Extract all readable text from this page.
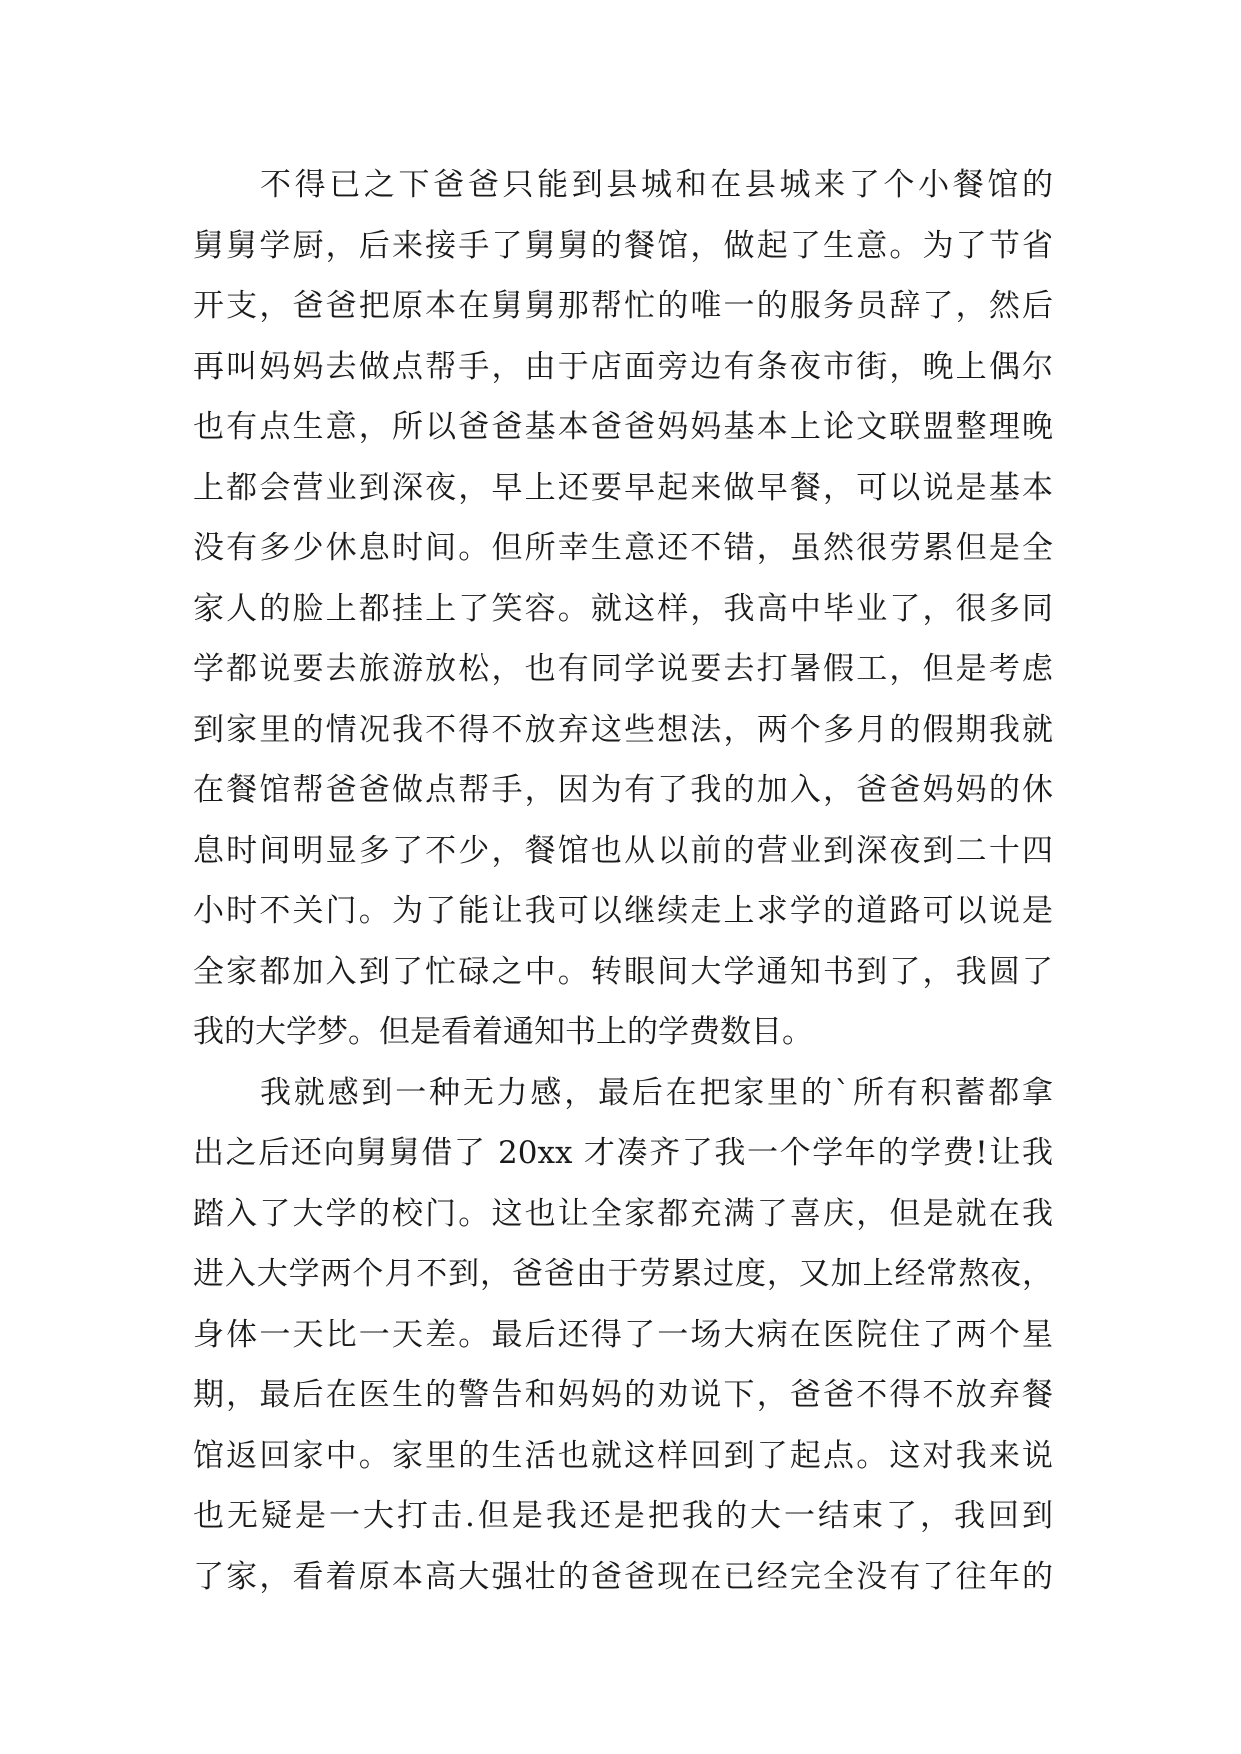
不得已之下爸爸只能到县城和在县城来了个小餐馆的
舅舅学厨，后来接手了舅舅的餐馆，做起了生意。为了节省
开支，爸爸把原本在舅舅那帮忙的唯一的服务员辞了，然后
再叫妈妈去做点帮手，由于店面旁边有条夜市街，晚上偶尔
也有点生意，所以爸爸基本爸爸妈妈基本上论文联盟整理晚
上都会营业到深夜，早上还要早起来做早餐，可以说是基本
没有多少休息时间。但所幸生意还不错，虽然很劳累但是全
家人的脸上都挂上了笑容。就这样，我高中毕业了，很多同
学都说要去旅游放松，也有同学说要去打暑假工，但是考虑
到家里的情况我不得不放弃这些想法，两个多月的假期我就
在餐馆帮爸爸做点帮手，因为有了我的加入，爸爸妈妈的休
息时间明显多了不少，餐馆也从以前的营业到深夜到二十四
小时不关门。为了能让我可以继续走上求学的道路可以说是
全家都加入到了忙碌之中。转眼间大学通知书到了，我圆了
我的大学梦。但是看着通知书上的学费数目。
我就感到一种无力感，最后在把家里的`所有积蓄都拿
出之后还向舅舅借了 20xx 才凑齐了我一个学年的学费!让我
踏入了大学的校门。这也让全家都充满了喜庆，但是就在我
进入大学两个月不到，爸爸由于劳累过度，又加上经常熬夜，
身体一天比一天差。最后还得了一场大病在医院住了两个星
期，最后在医生的警告和妈妈的劝说下，爸爸不得不放弃餐
馆返回家中。家里的生活也就这样回到了起点。这对我来说
也无疑是一大打击.但是我还是把我的大一结束了，我回到
了家，看着原本高大强壮的爸爸现在已经完全没有了往年的
